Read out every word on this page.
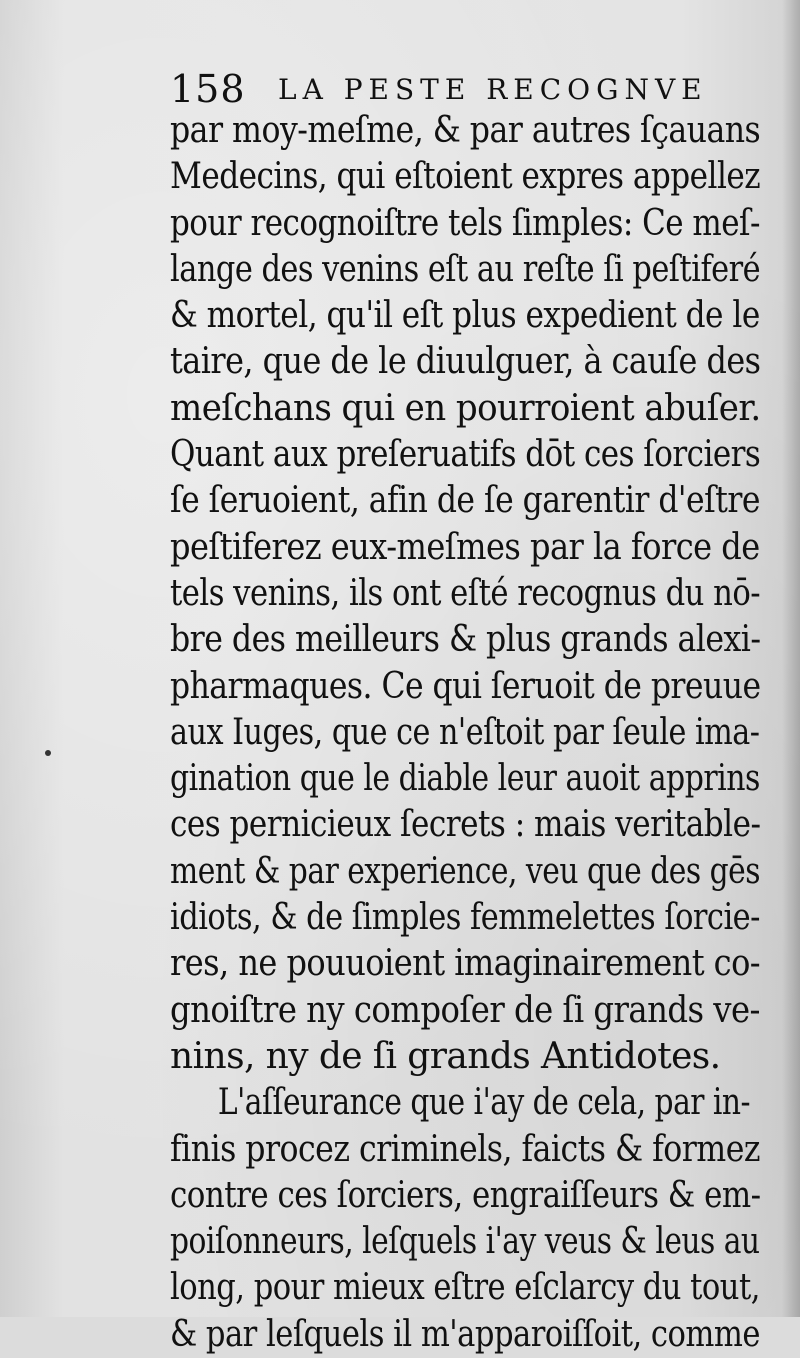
158 LA PESTE RECOGNVE
par moy-meſme, & par autres ſçauans
Medecins, qui eſtoient expres appellez
pour recognoiſtre tels ſimples: Ce meſ-
lange des venins eſt au reſte ſi peſtiferé
& mortel, qu'il eſt plus expedient de le
taire, que de le diuulguer, à cauſe des
meſchans qui en pourroient abuſer.
Quant aux preſeruatifs dōt ces ſorciers
ſe ſeruoient, afin de ſe garentir d'eſtre
peſtiferez eux-meſmes par la force de
tels venins, ils ont eſté recognus du nō-
bre des meilleurs & plus grands alexi-
pharmaques. Ce qui ſeruoit de preuue
aux Iuges, que ce n'eſtoit par ſeule ima-
gination que le diable leur auoit apprins
ces pernicieux ſecrets : mais veritable-
ment & par experience, veu que des gēs
idiots, & de ſimples femmelettes ſorcie-
res, ne pouuoient imaginairement co-
gnoiſtre ny compoſer de ſi grands ve-
nins, ny de ſi grands Antidotes.
L'aſſeurance que i'ay de cela, par in-
finis procez criminels, faicts & formez
contre ces ſorciers, engraiſſeurs & em-
poiſonneurs, leſquels i'ay veus & leus au
long, pour mieux eſtre eſclarcy du tout,
& par leſquels il m'apparoiſſoit, comme
